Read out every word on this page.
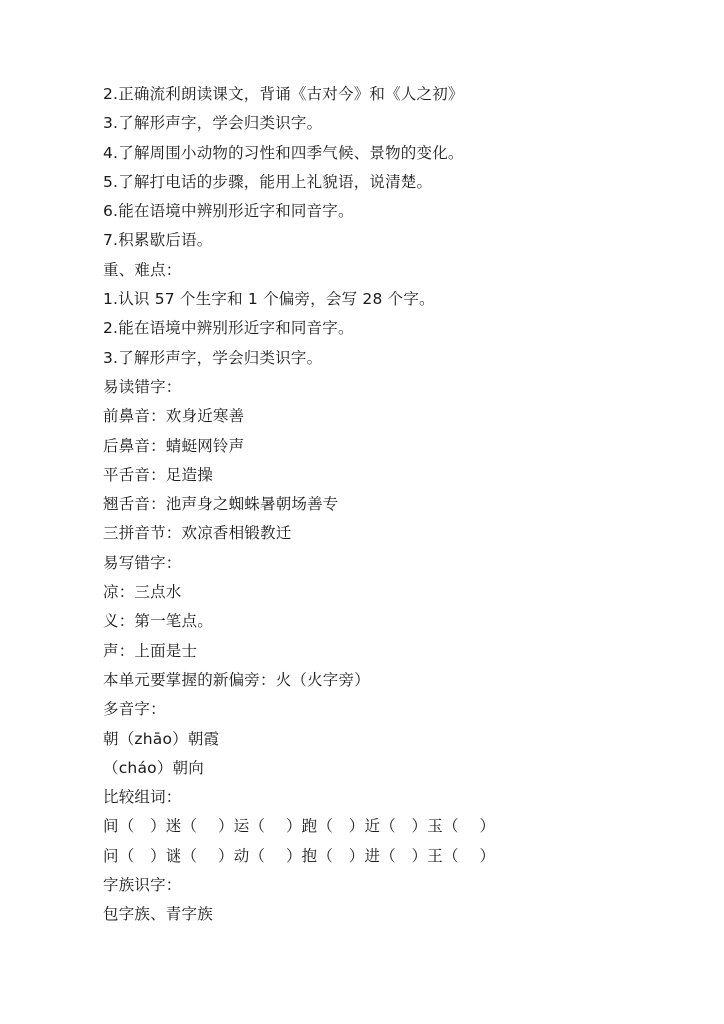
2.正确流利朗读课文，背诵《古对今》和《人之初》
3.了解形声字，学会归类识字。
4.了解周围小动物的习性和四季气候、景物的变化。
5.了解打电话的步骤，能用上礼貌语，说清楚。
6.能在语境中辨别形近字和同音字。
7.积累歇后语。
重、难点：
1.认识 57 个生字和 1 个偏旁，会写 28 个字。
2.能在语境中辨别形近字和同音字。
3.了解形声字，学会归类识字。
易读错字：
前鼻音：欢身近寒善
后鼻音：蜻蜓网铃声
平舌音：足造操
翘舌音：池声身之蜘蛛暑朝场善专
三拼音节：欢凉香相锻教迁
易写错字：
凉：三点水
义：第一笔点。
声：上面是士
本单元要掌握的新偏旁：火（火字旁）
多音字：
朝（zhāo）朝霞
（cháo）朝向
比较组词：
间（　）迷（　 ）运（　 ）跑（　）近（　）玉（　 ）
问（　）谜（　 ）动（　 ）抱（　）进（　）王（　 ）
字族识字：
包字族、青字族
